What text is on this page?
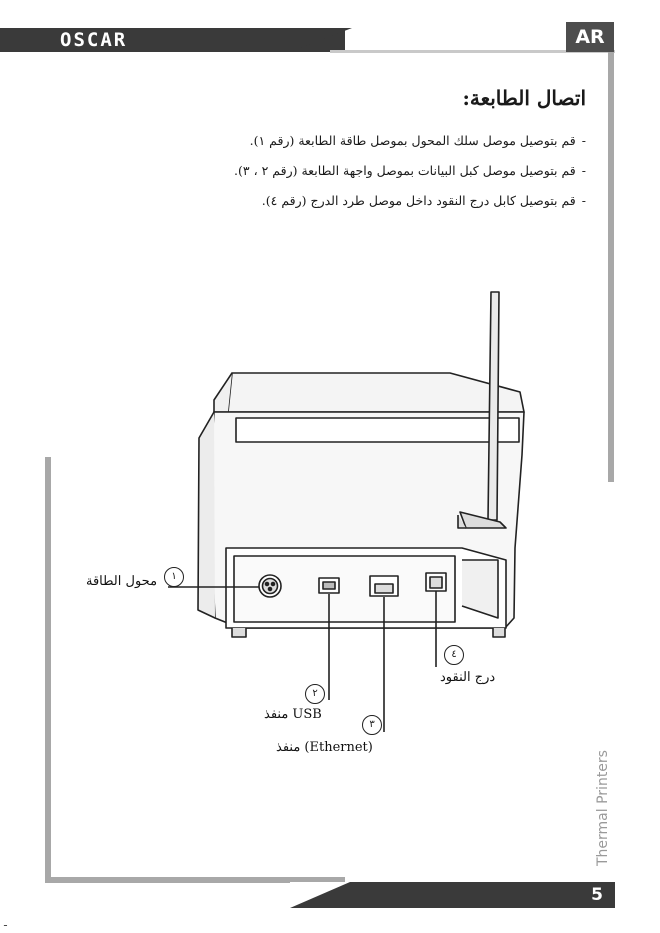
OSCAR	AR
اتصال الطابعة:
-قم بتوصيل موصل سلك المحول بموصل طاقة الطابعة (رقم ١).
-قم بتوصيل موصل كبل البيانات بموصل واجهة الطابعة (رقم ٢ ، ٣).
-قم بتوصيل كابل درج النقود داخل موصل طرد الدرج (رقم ٤).
١
محول الطاقة
٢
منفذ USB
٣
منفذ (Ethernet)
٤
درج النقود
5
Thermal Printers
ـ
